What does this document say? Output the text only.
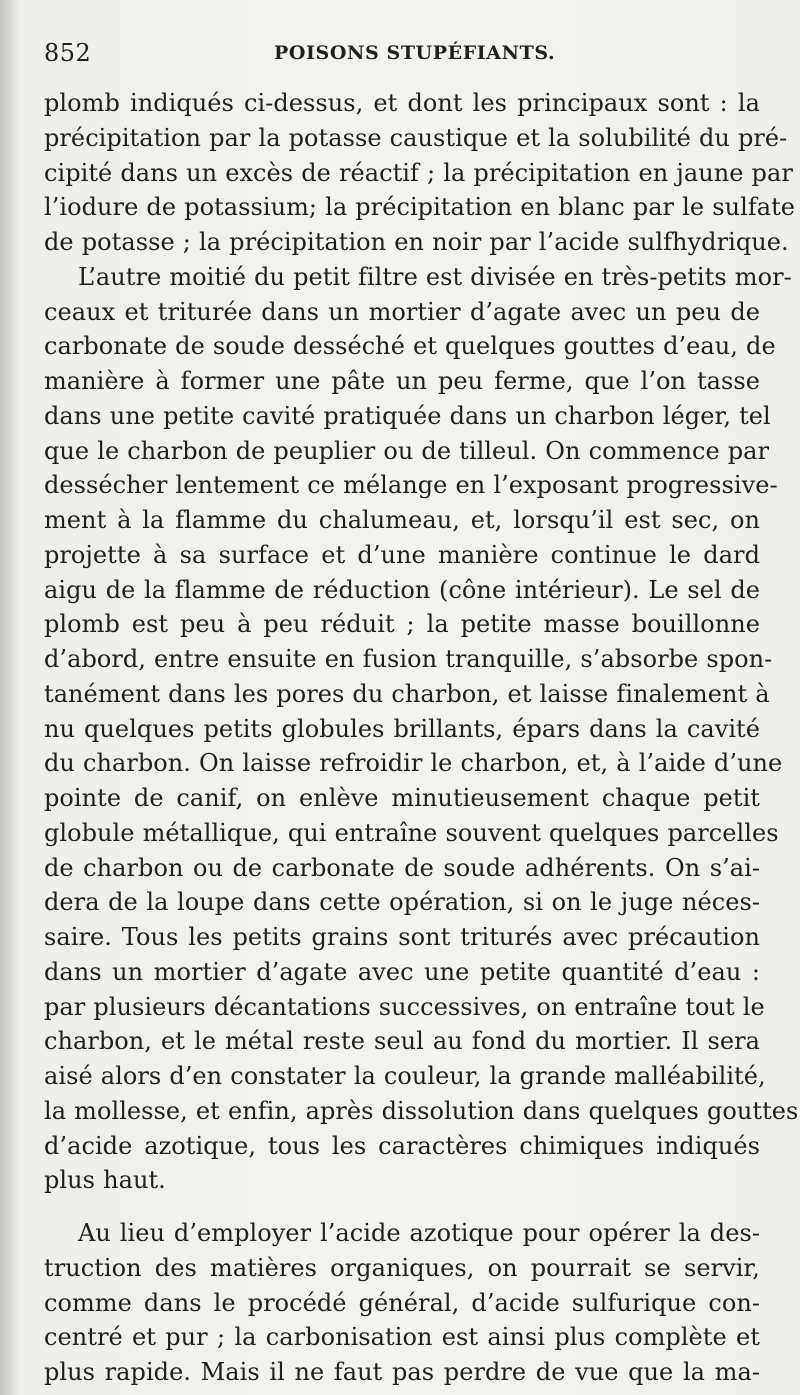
852	POISONS STUPÉFIANTS.
plomb indiqués ci-dessus, et dont les principaux sont : la
précipitation par la potasse caustique et la solubilité du pré-
cipité dans un excès de réactif ; la précipitation en jaune par
l’iodure de potassium; la précipitation en blanc par le sulfate
de potasse ; la précipitation en noir par l’acide sulfhydrique.
L’autre moitié du petit filtre est divisée en très-petits mor-
ceaux et triturée dans un mortier d’agate avec un peu de
carbonate de soude desséché et quelques gouttes d’eau, de
manière à former une pâte un peu ferme, que l’on tasse
dans une petite cavité pratiquée dans un charbon léger, tel
que le charbon de peuplier ou de tilleul. On commence par
dessécher lentement ce mélange en l’exposant progressive-
ment à la flamme du chalumeau, et, lorsqu’il est sec, on
projette à sa surface et d’une manière continue le dard
aigu de la flamme de réduction (cône intérieur). Le sel de
plomb est peu à peu réduit ; la petite masse bouillonne
d’abord, entre ensuite en fusion tranquille, s’absorbe spon-
tanément dans les pores du charbon, et laisse finalement à
nu quelques petits globules brillants, épars dans la cavité
du charbon. On laisse refroidir le charbon, et, à l’aide d’une
pointe de canif, on enlève minutieusement chaque petit
globule métallique, qui entraîne souvent quelques parcelles
de charbon ou de carbonate de soude adhérents. On s’ai-
dera de la loupe dans cette opération, si on le juge néces-
saire. Tous les petits grains sont triturés avec précaution
dans un mortier d’agate avec une petite quantité d’eau :
par plusieurs décantations successives, on entraîne tout le
charbon, et le métal reste seul au fond du mortier. Il sera
aisé alors d’en constater la couleur, la grande malléabilité,
la mollesse, et enfin, après dissolution dans quelques gouttes
d’acide azotique, tous les caractères chimiques indiqués
plus haut.
Au lieu d’employer l’acide azotique pour opérer la des-
truction des matières organiques, on pourrait se servir,
comme dans le procédé général, d’acide sulfurique con-
centré et pur ; la carbonisation est ainsi plus complète et
plus rapide. Mais il ne faut pas perdre de vue que la ma-
